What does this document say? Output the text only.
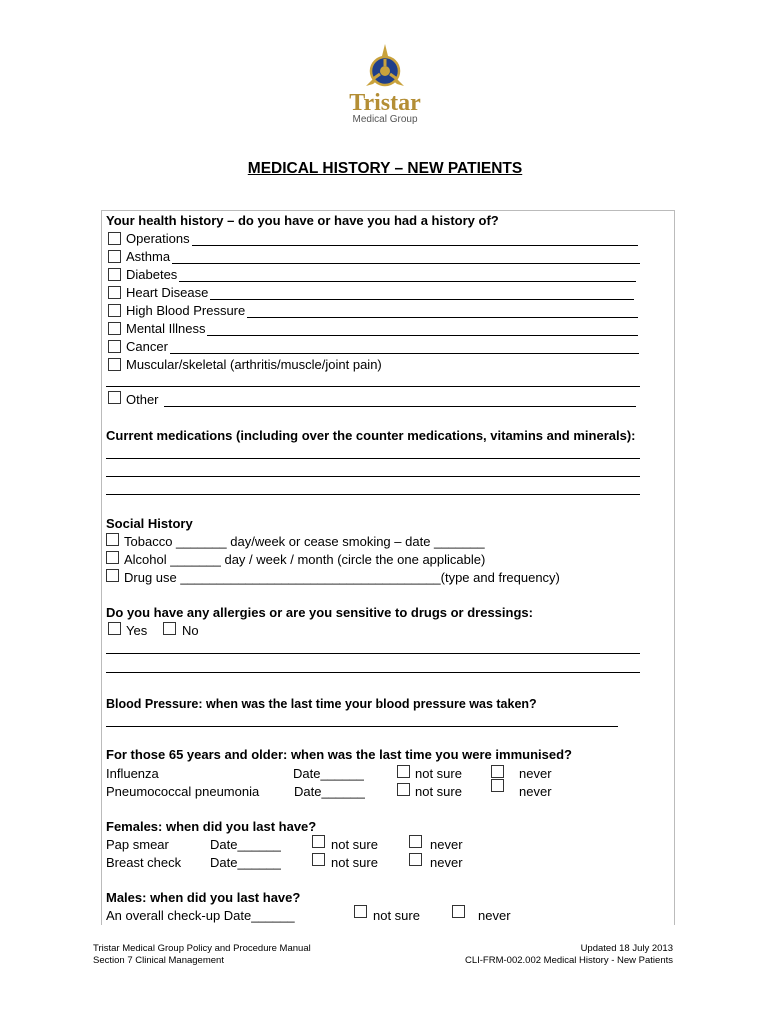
Tristar
Medical Group
MEDICAL HISTORY – NEW PATIENTS
Your health history – do you have or have you had a history of?
Operations
Asthma
Diabetes
Heart Disease
High Blood Pressure
Mental Illness
Cancer
Muscular/skeletal (arthritis/muscle/joint pain)
Other
Current medications (including over the counter medications, vitamins and minerals):
Social History
Tobacco _______ day/week or cease smoking – date _______
Alcohol _______ day / week / month (circle the one applicable)
Drug use ____________________________________(type and frequency)
Do you have any allergies or are you sensitive to drugs or dressings:
Yes	No
Blood Pressure: when was the last time your blood pressure was taken?
For those 65 years and older: when was the last time you were immunised?
Influenza	Date______	not sure	never
Pneumococcal pneumonia	Date______	not sure	never
Females: when did you last have?
Pap smear	Date______	not sure	never
Breast check Date______	not sure	never
Males: when did you last have?
An overall check-up Date______	not sure	never
Tristar Medical Group Policy and Procedure Manual
Section 7 Clinical Management
Updated 18 July 2013
CLI-FRM-002.002 Medical History - New Patients
